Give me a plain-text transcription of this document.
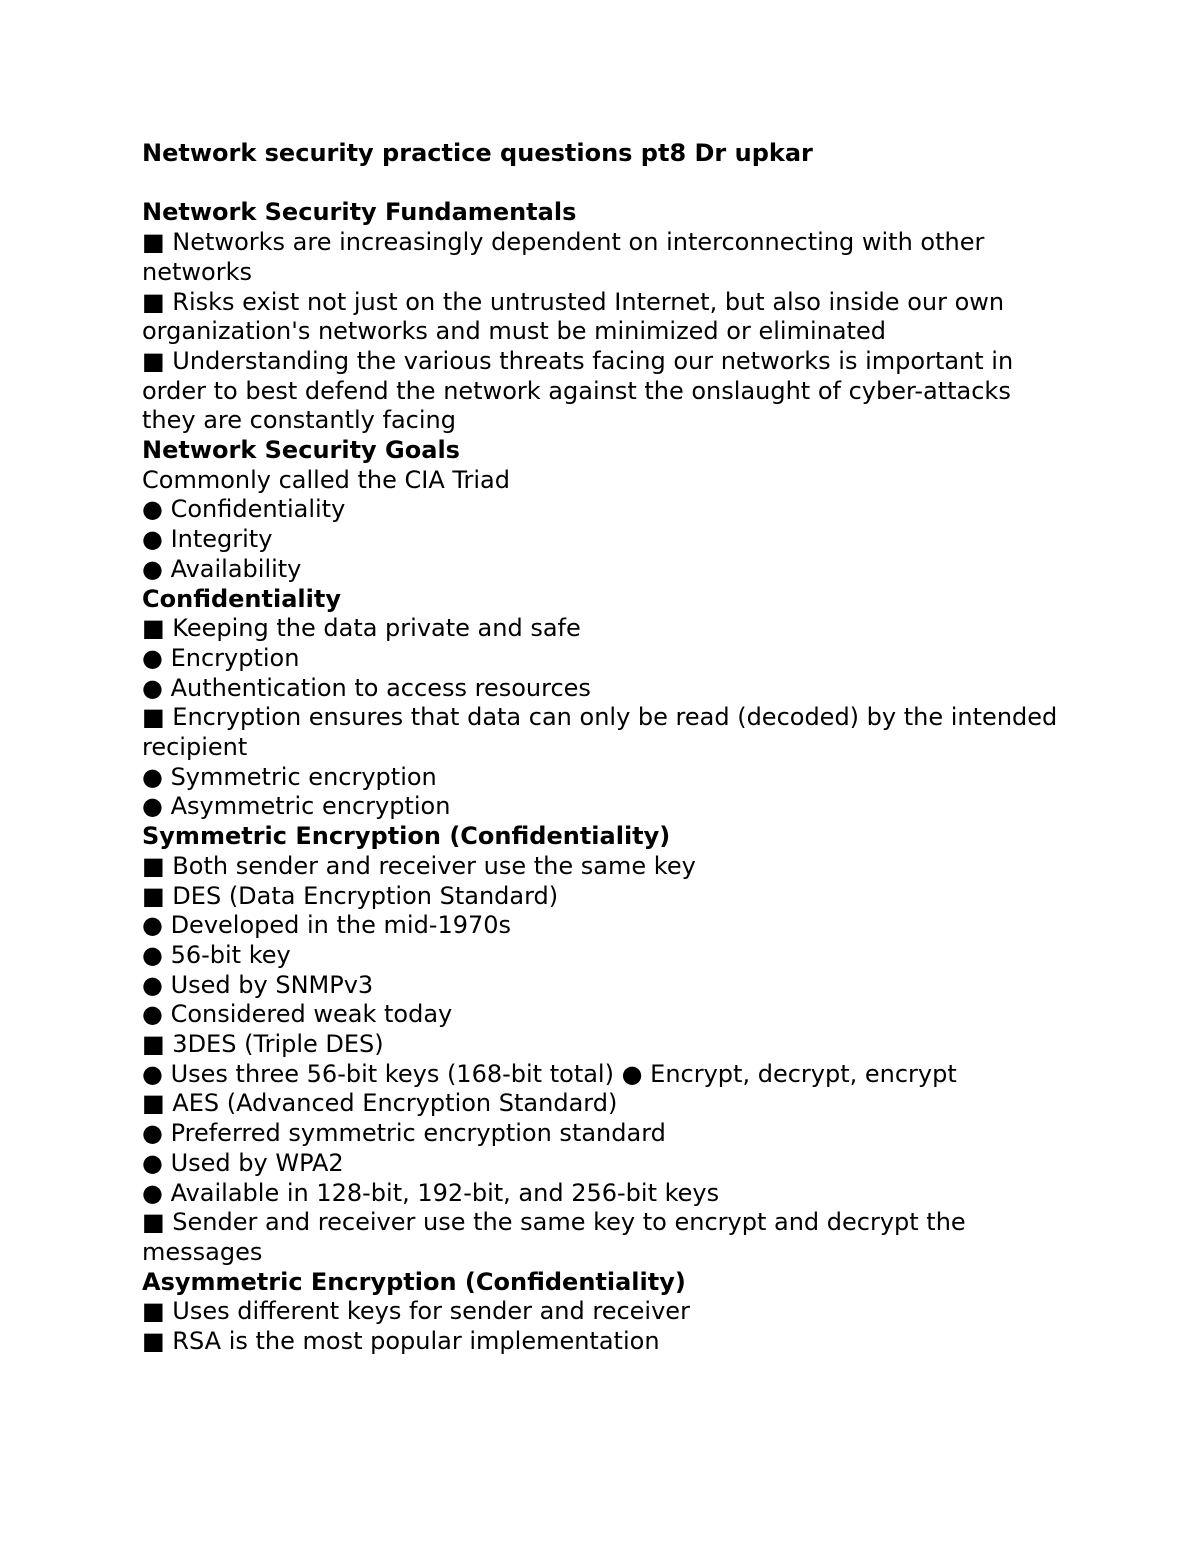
Network security practice questions pt8 Dr upkar

Network Security Fundamentals

■ Networks are increasingly dependent on interconnecting with other networks

■ Risks exist not just on the untrusted Internet, but also inside our own organization's networks and must be minimized or eliminated

■ Understanding the various threats facing our networks is important in order to best defend the network against the onslaught of cyber-attacks they are constantly facing

Network Security Goals

Commonly called the CIA Triad

● Confidentiality

● Integrity

● Availability

Confidentiality

■ Keeping the data private and safe

● Encryption

● Authentication to access resources

■ Encryption ensures that data can only be read (decoded) by the intended recipient

● Symmetric encryption

● Asymmetric encryption

Symmetric Encryption (Confidentiality)

■ Both sender and receiver use the same key

■ DES (Data Encryption Standard)

● Developed in the mid-1970s

● 56-bit key

● Used by SNMPv3

● Considered weak today

■ 3DES (Triple DES)

● Uses three 56-bit keys (168-bit total) ● Encrypt, decrypt, encrypt

■ AES (Advanced Encryption Standard)

● Preferred symmetric encryption standard

● Used by WPA2

● Available in 128-bit, 192-bit, and 256-bit keys

■ Sender and receiver use the same key to encrypt and decrypt the messages

Asymmetric Encryption (Confidentiality)

■ Uses different keys for sender and receiver

■ RSA is the most popular implementation
